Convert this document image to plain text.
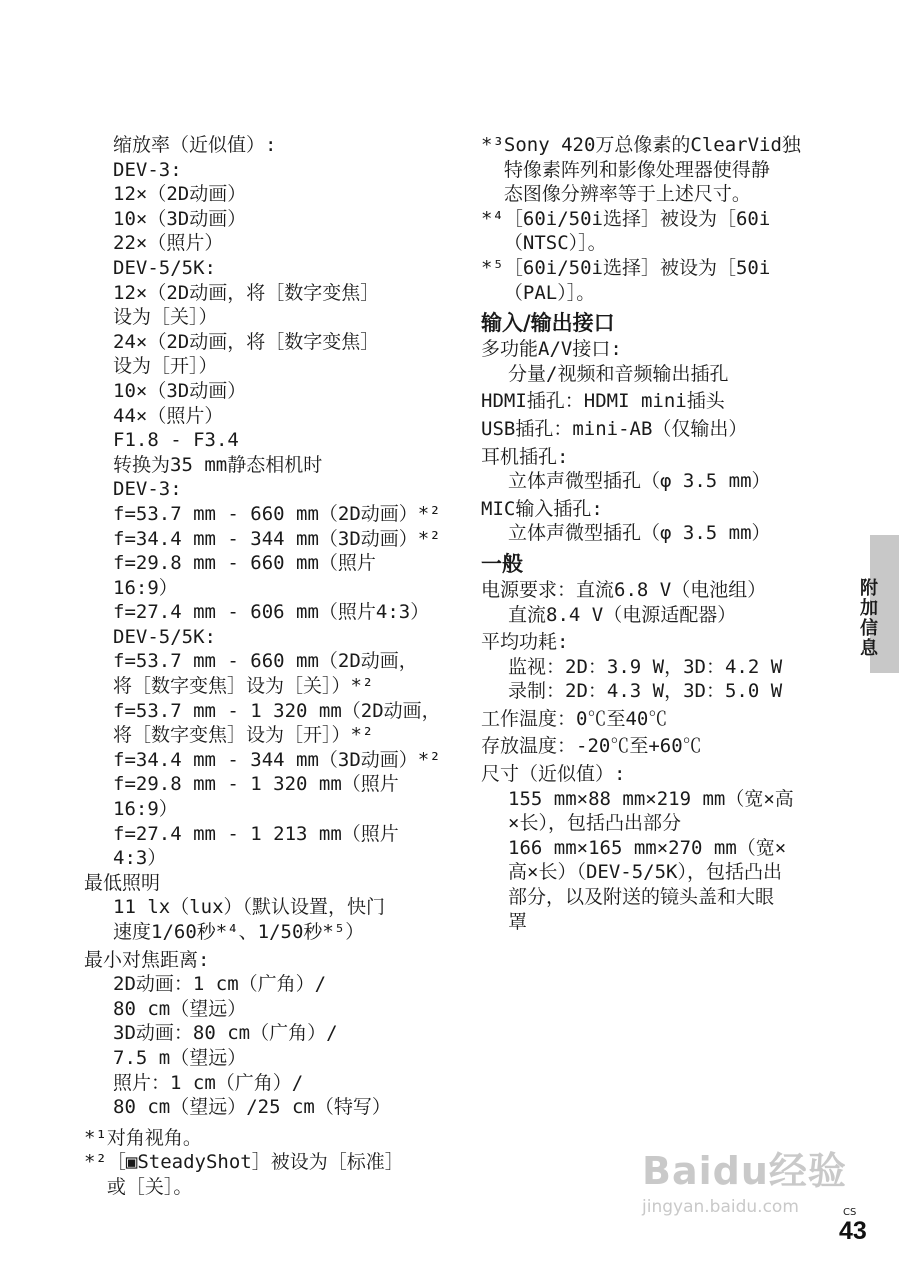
缩放率（近似值）:
DEV-3:
12×（2D动画）
10×（3D动画）
22×（照片）
DEV-5/5K:
12×（2D动画，将［数字变焦］
设为［关］）
24×（2D动画，将［数字变焦］
设为［开］）
10×（3D动画）
44×（照片）
F1.8 - F3.4
转换为35 mm静态相机时
DEV-3:
f=53.7 mm - 660 mm（2D动画）*²
f=34.4 mm - 344 mm（3D动画）*²
f=29.8 mm - 660 mm（照片
16:9）
f=27.4 mm - 606 mm（照片4:3）
DEV-5/5K:
f=53.7 mm - 660 mm（2D动画，
将［数字变焦］设为［关］）*²
f=53.7 mm - 1 320 mm（2D动画，
将［数字变焦］设为［开］）*²
f=34.4 mm - 344 mm（3D动画）*²
f=29.8 mm - 1 320 mm（照片
16:9）
f=27.4 mm - 1 213 mm（照片
4:3）
最低照明
11 lx（lux）（默认设置，快门
速度1/60秒*⁴、1/50秒*⁵）
最小对焦距离:
2D动画：1 cm（广角）/
80 cm（望远）
3D动画：80 cm（广角）/
7.5 m（望远）
照片：1 cm（广角）/
80 cm（望远）/25 cm（特写）
*¹ 对角视角。
*² ［▣SteadyShot］被设为［标准］
或［关］。
*³ Sony 420万总像素的ClearVid独
特像素阵列和影像处理器使得静
态图像分辨率等于上述尺寸。
*⁴ ［60i/50i选择］被设为［60i
（NTSC）］。
*⁵ ［60i/50i选择］被设为［50i
（PAL）］。
输入/输出接口
多功能A/V接口:
分量/视频和音频输出插孔
HDMI插孔：HDMI mini插头
USB插孔：mini-AB（仅输出）
耳机插孔:
立体声微型插孔（φ 3.5 mm）
MIC输入插孔:
立体声微型插孔（φ 3.5 mm）
一般
电源要求：直流6.8 V（电池组）
直流8.4 V（电源适配器）
平均功耗:
监视：2D：3.9 W，3D：4.2 W
录制：2D：4.3 W，3D：5.0 W
工作温度：0℃至40℃
存放温度：-20℃至+60℃
尺寸（近似值）:
155 mm×88 mm×219 mm（宽×高
×长），包括凸出部分
166 mm×165 mm×270 mm（宽×
高×长）（DEV-5/5K），包括凸出
部分，以及附送的镜头盖和大眼
罩
附加信息
Baidu经验
jingyan.baidu.com	CS
43
